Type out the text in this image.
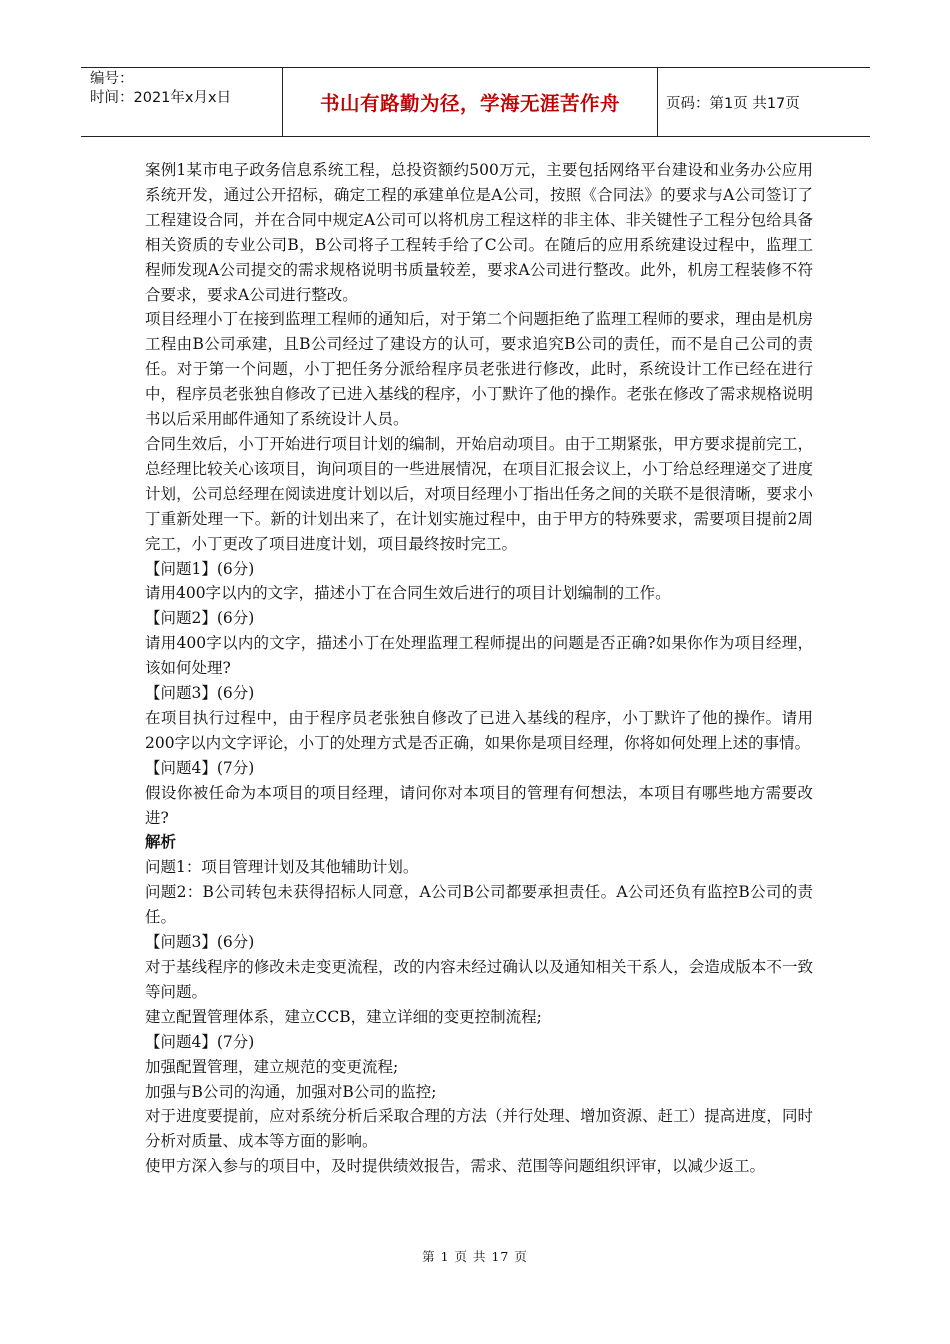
编号：
时间：2021年x月x日	书山有路勤为径，学海无涯苦作舟	页码：第1页 共17页

案例1某市电子政务信息系统工程，总投资额约500万元，主要包括网络平台建设和业务办公应用系统开发，通过公开招标，确定工程的承建单位是A公司，按照《合同法》的要求与A公司签订了工程建设合同，并在合同中规定A公司可以将机房工程这样的非主体、非关键性子工程分包给具备相关资质的专业公司B，B公司将子工程转手给了C公司。在随后的应用系统建设过程中，监理工程师发现A公司提交的需求规格说明书质量较差，要求A公司进行整改。此外，机房工程装修不符合要求，要求A公司进行整改。

项目经理小丁在接到监理工程师的通知后，对于第二个问题拒绝了监理工程师的要求，理由是机房工程由B公司承建，且B公司经过了建设方的认可，要求追究B公司的责任，而不是自己公司的责任。对于第一个问题，小丁把任务分派给程序员老张进行修改，此时，系统设计工作已经在进行中，程序员老张独自修改了已进入基线的程序，小丁默许了他的操作。老张在修改了需求规格说明书以后采用邮件通知了系统设计人员。

合同生效后，小丁开始进行项目计划的编制，开始启动项目。由于工期紧张，甲方要求提前完工，总经理比较关心该项目，询问项目的一些进展情况，在项目汇报会议上，小丁给总经理递交了进度计划，公司总经理在阅读进度计划以后，对项目经理小丁指出任务之间的关联不是很清晰，要求小丁重新处理一下。新的计划出来了，在计划实施过程中，由于甲方的特殊要求，需要项目提前2周完工，小丁更改了项目进度计划，项目最终按时完工。

【问题1】(6分)

请用400字以内的文字，描述小丁在合同生效后进行的项目计划编制的工作。

【问题2】(6分)

请用400字以内的文字，描述小丁在处理监理工程师提出的问题是否正确?如果你作为项目经理，该如何处理?

【问题3】(6分)

在项目执行过程中，由于程序员老张独自修改了已进入基线的程序，小丁默许了他的操作。请用200字以内文字评论，小丁的处理方式是否正确，如果你是项目经理，你将如何处理上述的事情。

【问题4】(7分)

假设你被任命为本项目的项目经理，请问你对本项目的管理有何想法，本项目有哪些地方需要改进?

解析

问题1：项目管理计划及其他辅助计划。

问题2：B公司转包未获得招标人同意，A公司B公司都要承担责任。A公司还负有监控B公司的责任。

【问题3】(6分)

对于基线程序的修改未走变更流程，改的内容未经过确认以及通知相关干系人，会造成版本不一致等问题。

建立配置管理体系，建立CCB，建立详细的变更控制流程;

【问题4】(7分)

加强配置管理，建立规范的变更流程;

加强与B公司的沟通，加强对B公司的监控;

对于进度要提前，应对系统分析后采取合理的方法（并行处理、增加资源、赶工）提高进度，同时分析对质量、成本等方面的影响。

使甲方深入参与的项目中，及时提供绩效报告，需求、范围等问题组织评审，以减少返工。

第 1 页 共 17 页
